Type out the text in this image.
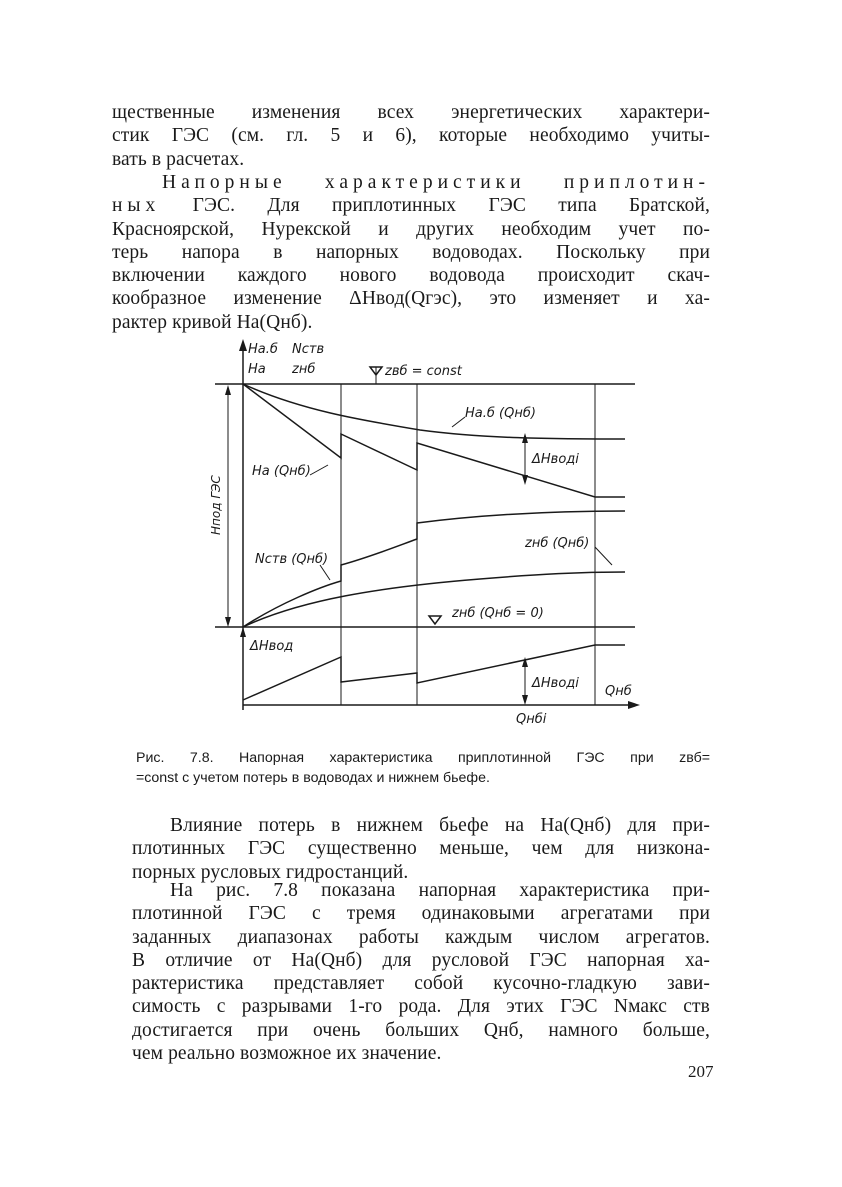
щественные изменения всех энергетических характери-
стик ГЭС (см. гл. 5 и 6), которые необходимо учиты-
вать в расчетах.
Напорные характеристики приплотин-
ных ГЭС. Для приплотинных ГЭС типа Братской,
Красноярской, Нурекской и других необходим учет по-
терь напора в напорных водоводах. Поскольку при
включении каждого нового водовода происходит скач-
кообразное изменение ΔHвод(Qгэс), это изменяет и ха-
рактер кривой Hа(Qнб).
Hа.б Nств
Hа zнб	zвб = const
Hа.б (Qнб)
Hа (Qнб)
ΔHводi
Hпод ГЭС
Nств (Qнб)
zнб (Qнб)
zнб (Qнб = 0)
ΔHвод
ΔHводi
Qнб
Qнбi
Рис. 7.8. Напорная характеристика приплотинной ГЭС при zвб=
=const с учетом потерь в водоводах и нижнем бьефе.
Влияние потерь в нижнем бьефе на Hа(Qнб) для при-
плотинных ГЭС существенно меньше, чем для низкона-
порных русловых гидростанций.
На рис. 7.8 показана напорная характеристика при-
плотинной ГЭС с тремя одинаковыми агрегатами при
заданных диапазонах работы каждым числом агрегатов.
В отличие от Hа(Qнб) для русловой ГЭС напорная ха-
рактеристика представляет собой кусочно-гладкую зави-
симость с разрывами 1-го рода. Для этих ГЭС Nмакс ств
достигается при очень больших Qнб, намного больше,
чем реально возможное их значение.
207
